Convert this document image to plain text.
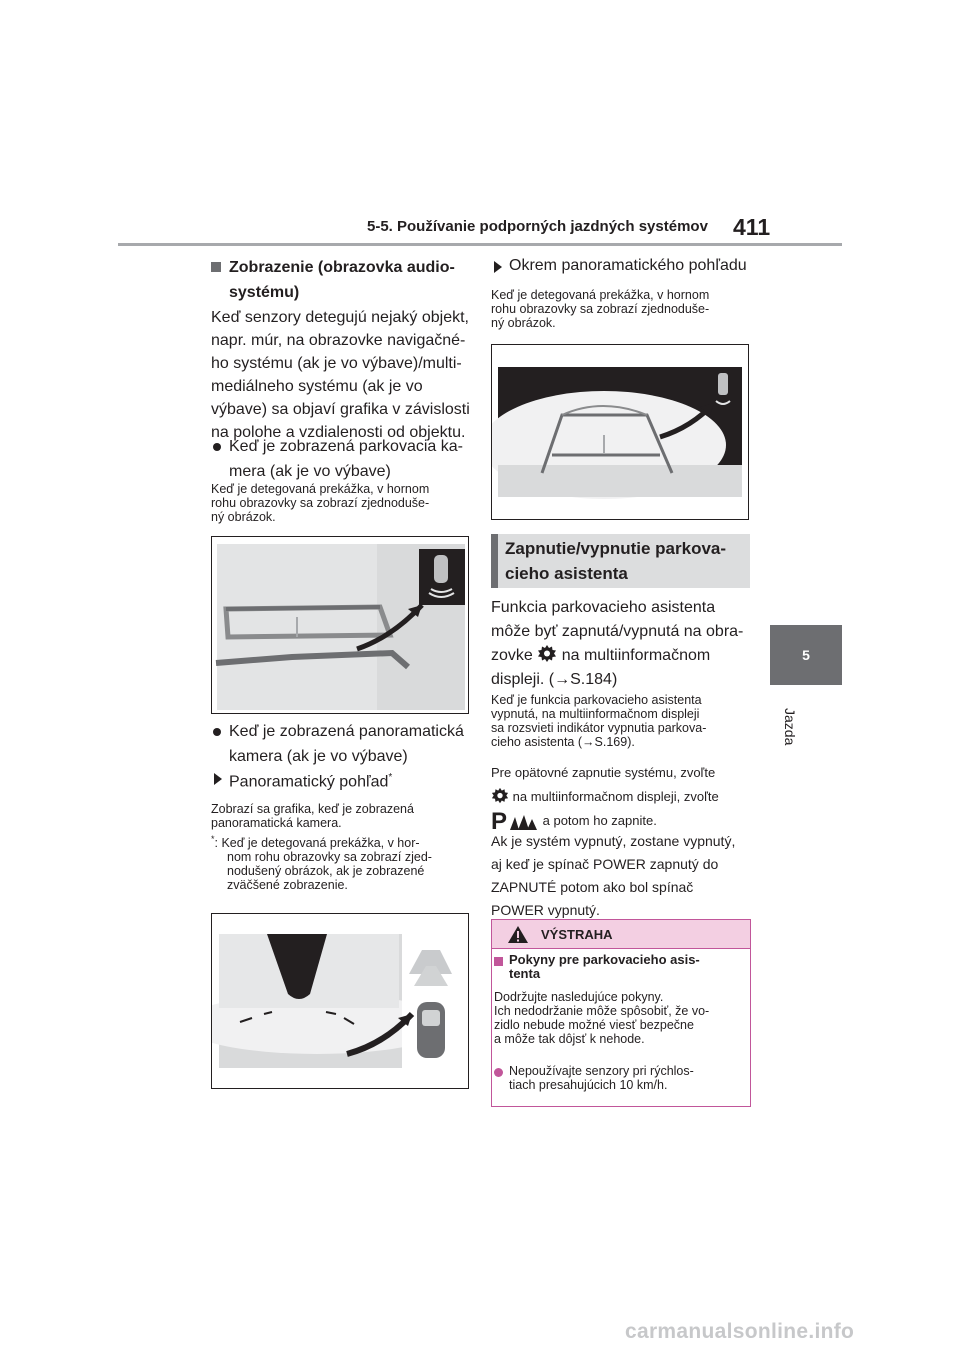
5-5. Používanie podporných jazdných systémov 411
5
Jazda
Zobrazenie (obrazovka audio-
systému)
Keď senzory detegujú nejaký objekt,
napr. múr, na obrazovke navigačné-
ho systému (ak je vo výbave)/multi-
mediálneho systému (ak je vo
výbave) sa objaví grafika v závislosti
na polohe a vzdialenosti od objektu.
Keď je zobrazená parkovacia ka-
mera (ak je vo výbave)
Keď je detegovaná prekážka, v hornom
rohu obrazovky sa zobrazí zjednoduše-
ný obrázok.
Keď je zobrazená panoramatická
kamera (ak je vo výbave)
Panoramatický pohľad*
Zobrazí sa grafika, keď je zobrazená
panoramatická kamera.
*: Keď je detegovaná prekážka, v hor-
nom rohu obrazovky sa zobrazí zjed-
nodušený obrázok, ak je zobrazené
zväčšené zobrazenie.
Okrem panoramatického pohľadu
Keď je detegovaná prekážka, v hornom
rohu obrazovky sa zobrazí zjednoduše-
ný obrázok.
Zapnutie/vypnutie parkova-
cieho asistenta
Funkcia parkovacieho asistenta
môže byť zapnutá/vypnutá na obra-
zovke na multiinformačnom
displeji. (→S.184)
Keď je funkcia parkovacieho asistenta
vypnutá, na multiinformačnom displeji
sa rozsvieti indikátor vypnutia parkova-
cieho asistenta (→S.169).
Pre opätovné zapnutie systému, zvoľte
na multiinformačnom displeji, zvoľte
P	a potom ho zapnite.
Ak je systém vypnutý, zostane vypnutý,
aj keď je spínač POWER zapnutý do
ZAPNUTÉ potom ako bol spínač
POWER vypnutý.
VÝSTRAHA
Pokyny pre parkovacieho asis-
tenta
Dodržujte nasledujúce pokyny.
Ich nedodržanie môže spôsobiť, že vo-
zidlo nebude možné viesť bezpečne
a môže tak dôjsť k nehode.
Nepoužívajte senzory pri rýchlos-
tiach presahujúcich 10 km/h.
carmanualsonline.info
